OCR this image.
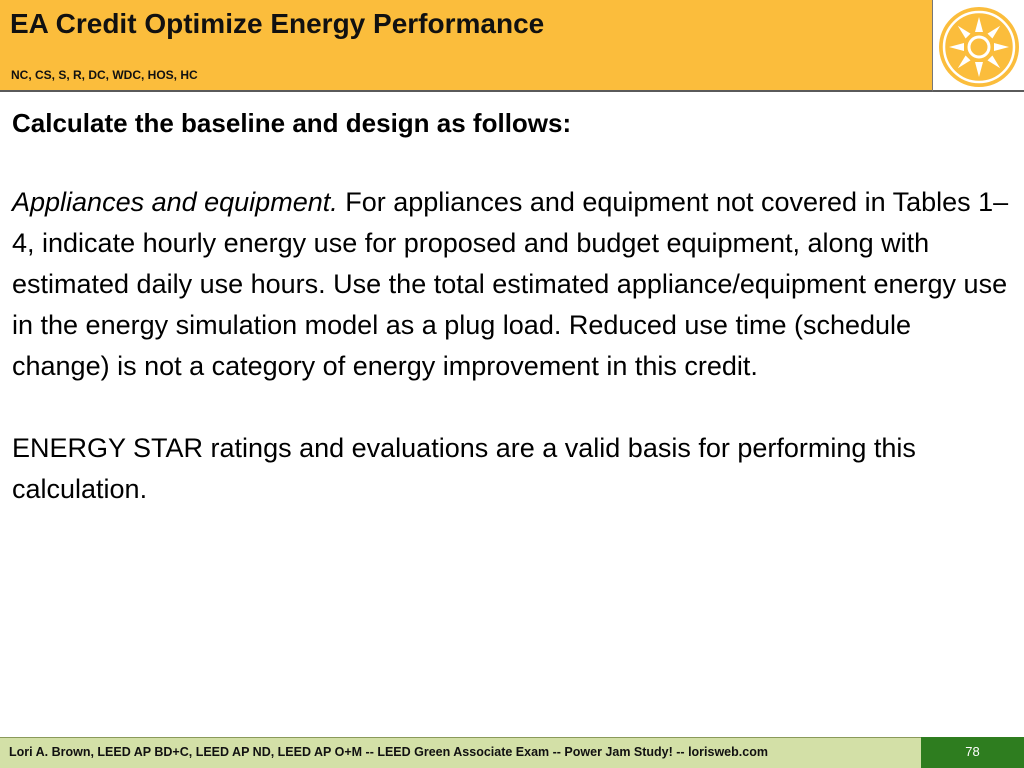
EA Credit Optimize Energy Performance
NC, CS, S, R, DC, WDC, HOS, HC

Calculate the baseline and design as follows:

Appliances and equipment. For appliances and equipment not covered in Tables 1–4, indicate hourly energy use for proposed and budget equipment, along with estimated daily use hours. Use the total estimated appliance/equipment energy use in the energy simulation model as a plug load. Reduced use time (schedule change) is not a category of energy improvement in this credit.

ENERGY STAR ratings and evaluations are a valid basis for performing this calculation.

Lori A. Brown, LEED AP BD+C, LEED AP ND, LEED AP O+M -- LEED Green Associate Exam -- Power Jam Study! -- lorisweb.com	78
